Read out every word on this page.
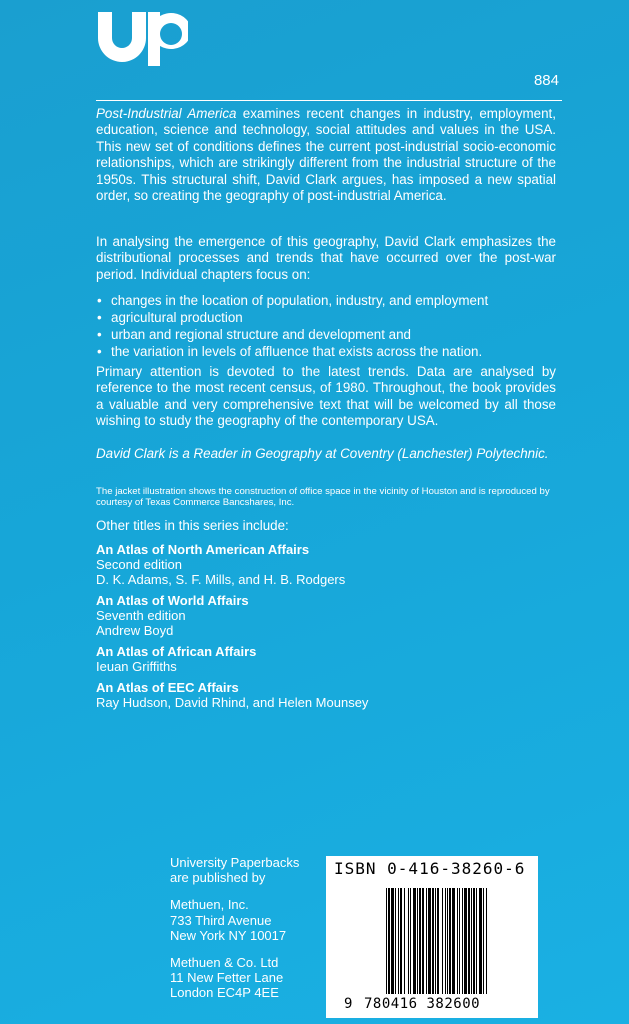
884
Post-Industrial America examines recent changes in industry, employment, education, science and technology, social attitudes and values in the USA. This new set of conditions defines the current post-industrial socio-economic relationships, which are strikingly different from the industrial structure of the 1950s. This structural shift, David Clark argues, has imposed a new spatial order, so creating the geography of post-industrial America.
In analysing the emergence of this geography, David Clark emphasizes the distributional processes and trends that have occurred over the post-war period. Individual chapters focus on:
• changes in the location of population, industry, and employment
• agricultural production
• urban and regional structure and development and
• the variation in levels of affluence that exists across the nation.
Primary attention is devoted to the latest trends. Data are analysed by reference to the most recent census, of 1980. Throughout, the book provides a valuable and very comprehensive text that will be welcomed by all those wishing to study the geography of the contemporary USA.
David Clark is a Reader in Geography at Coventry (Lanchester) Polytechnic.
The jacket illustration shows the construction of office space in the vicinity of Houston and is reproduced by courtesy of Texas Commerce Bancshares, Inc.
Other titles in this series include:
An Atlas of North American Affairs
Second edition
D. K. Adams, S. F. Mills, and H. B. Rodgers
An Atlas of World Affairs
Seventh edition
Andrew Boyd
An Atlas of African Affairs
Ieuan Griffiths
An Atlas of EEC Affairs
Ray Hudson, David Rhind, and Helen Mounsey
University Paperbacks
are published by
Methuen, Inc.
733 Third Avenue
New York NY 10017
Methuen & Co. Ltd
11 New Fetter Lane
London EC4P 4EE
ISBN 0-416-38260-6
9 780416 382600
